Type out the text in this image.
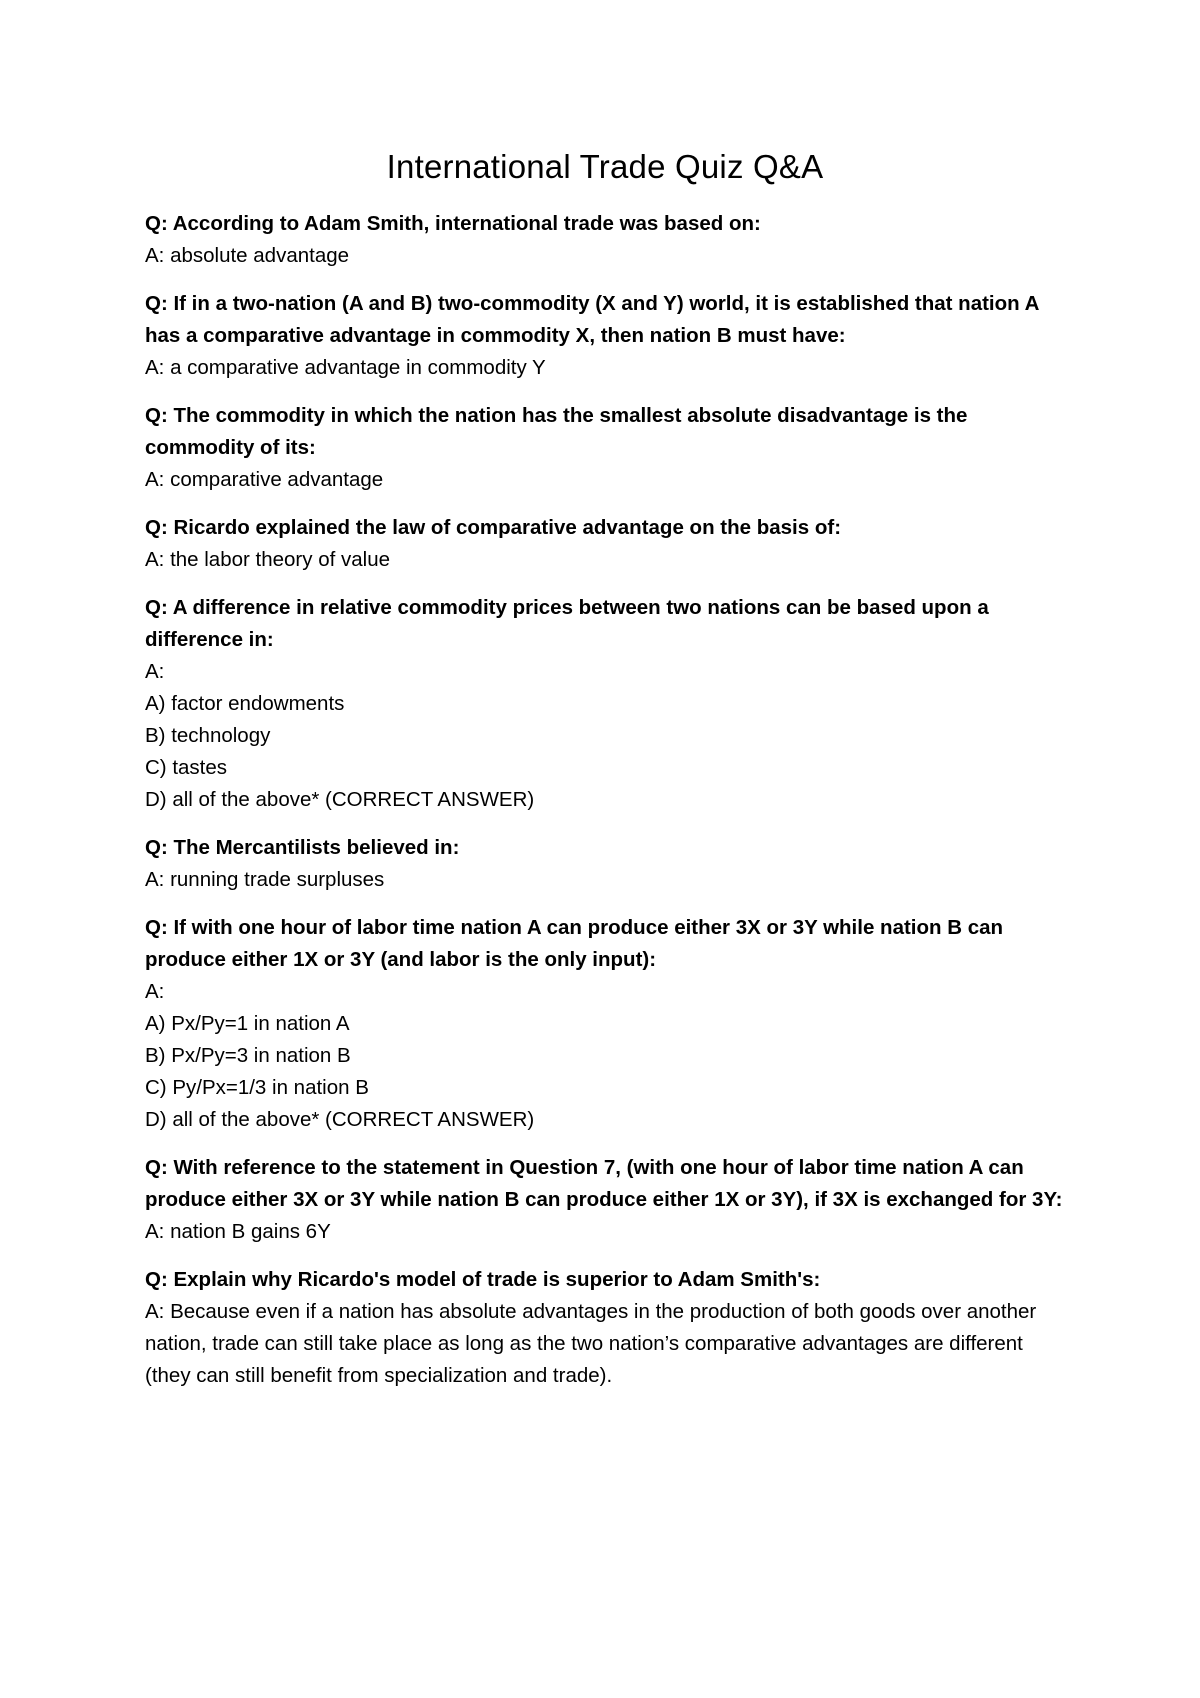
International Trade Quiz Q&A

Q: According to Adam Smith, international trade was based on:

A: absolute advantage

Q: If in a two-nation (A and B) two-commodity (X and Y) world, it is established that nation A has a comparative advantage in commodity X, then nation B must have:

A: a comparative advantage in commodity Y

Q: The commodity in which the nation has the smallest absolute disadvantage is the commodity of its:

A: comparative advantage

Q: Ricardo explained the law of comparative advantage on the basis of:

A: the labor theory of value

Q: A difference in relative commodity prices between two nations can be based upon a difference in:

A:

A) factor endowments

B) technology

C) tastes

D) all of the above* (CORRECT ANSWER)

Q: The Mercantilists believed in:

A: running trade surpluses

Q: If with one hour of labor time nation A can produce either 3X or 3Y while nation B can produce either 1X or 3Y (and labor is the only input):

A:

A) Px/Py=1 in nation A

B) Px/Py=3 in nation B

C) Py/Px=1/3 in nation B

D) all of the above* (CORRECT ANSWER)

Q: With reference to the statement in Question 7, (with one hour of labor time nation A can produce either 3X or 3Y while nation B can produce either 1X or 3Y), if 3X is exchanged for 3Y:

A: nation B gains 6Y

Q: Explain why Ricardo's model of trade is superior to Adam Smith's:

A: Because even if a nation has absolute advantages in the production of both goods over another nation, trade can still take place as long as the two nation’s comparative advantages are different (they can still benefit from specialization and trade).
